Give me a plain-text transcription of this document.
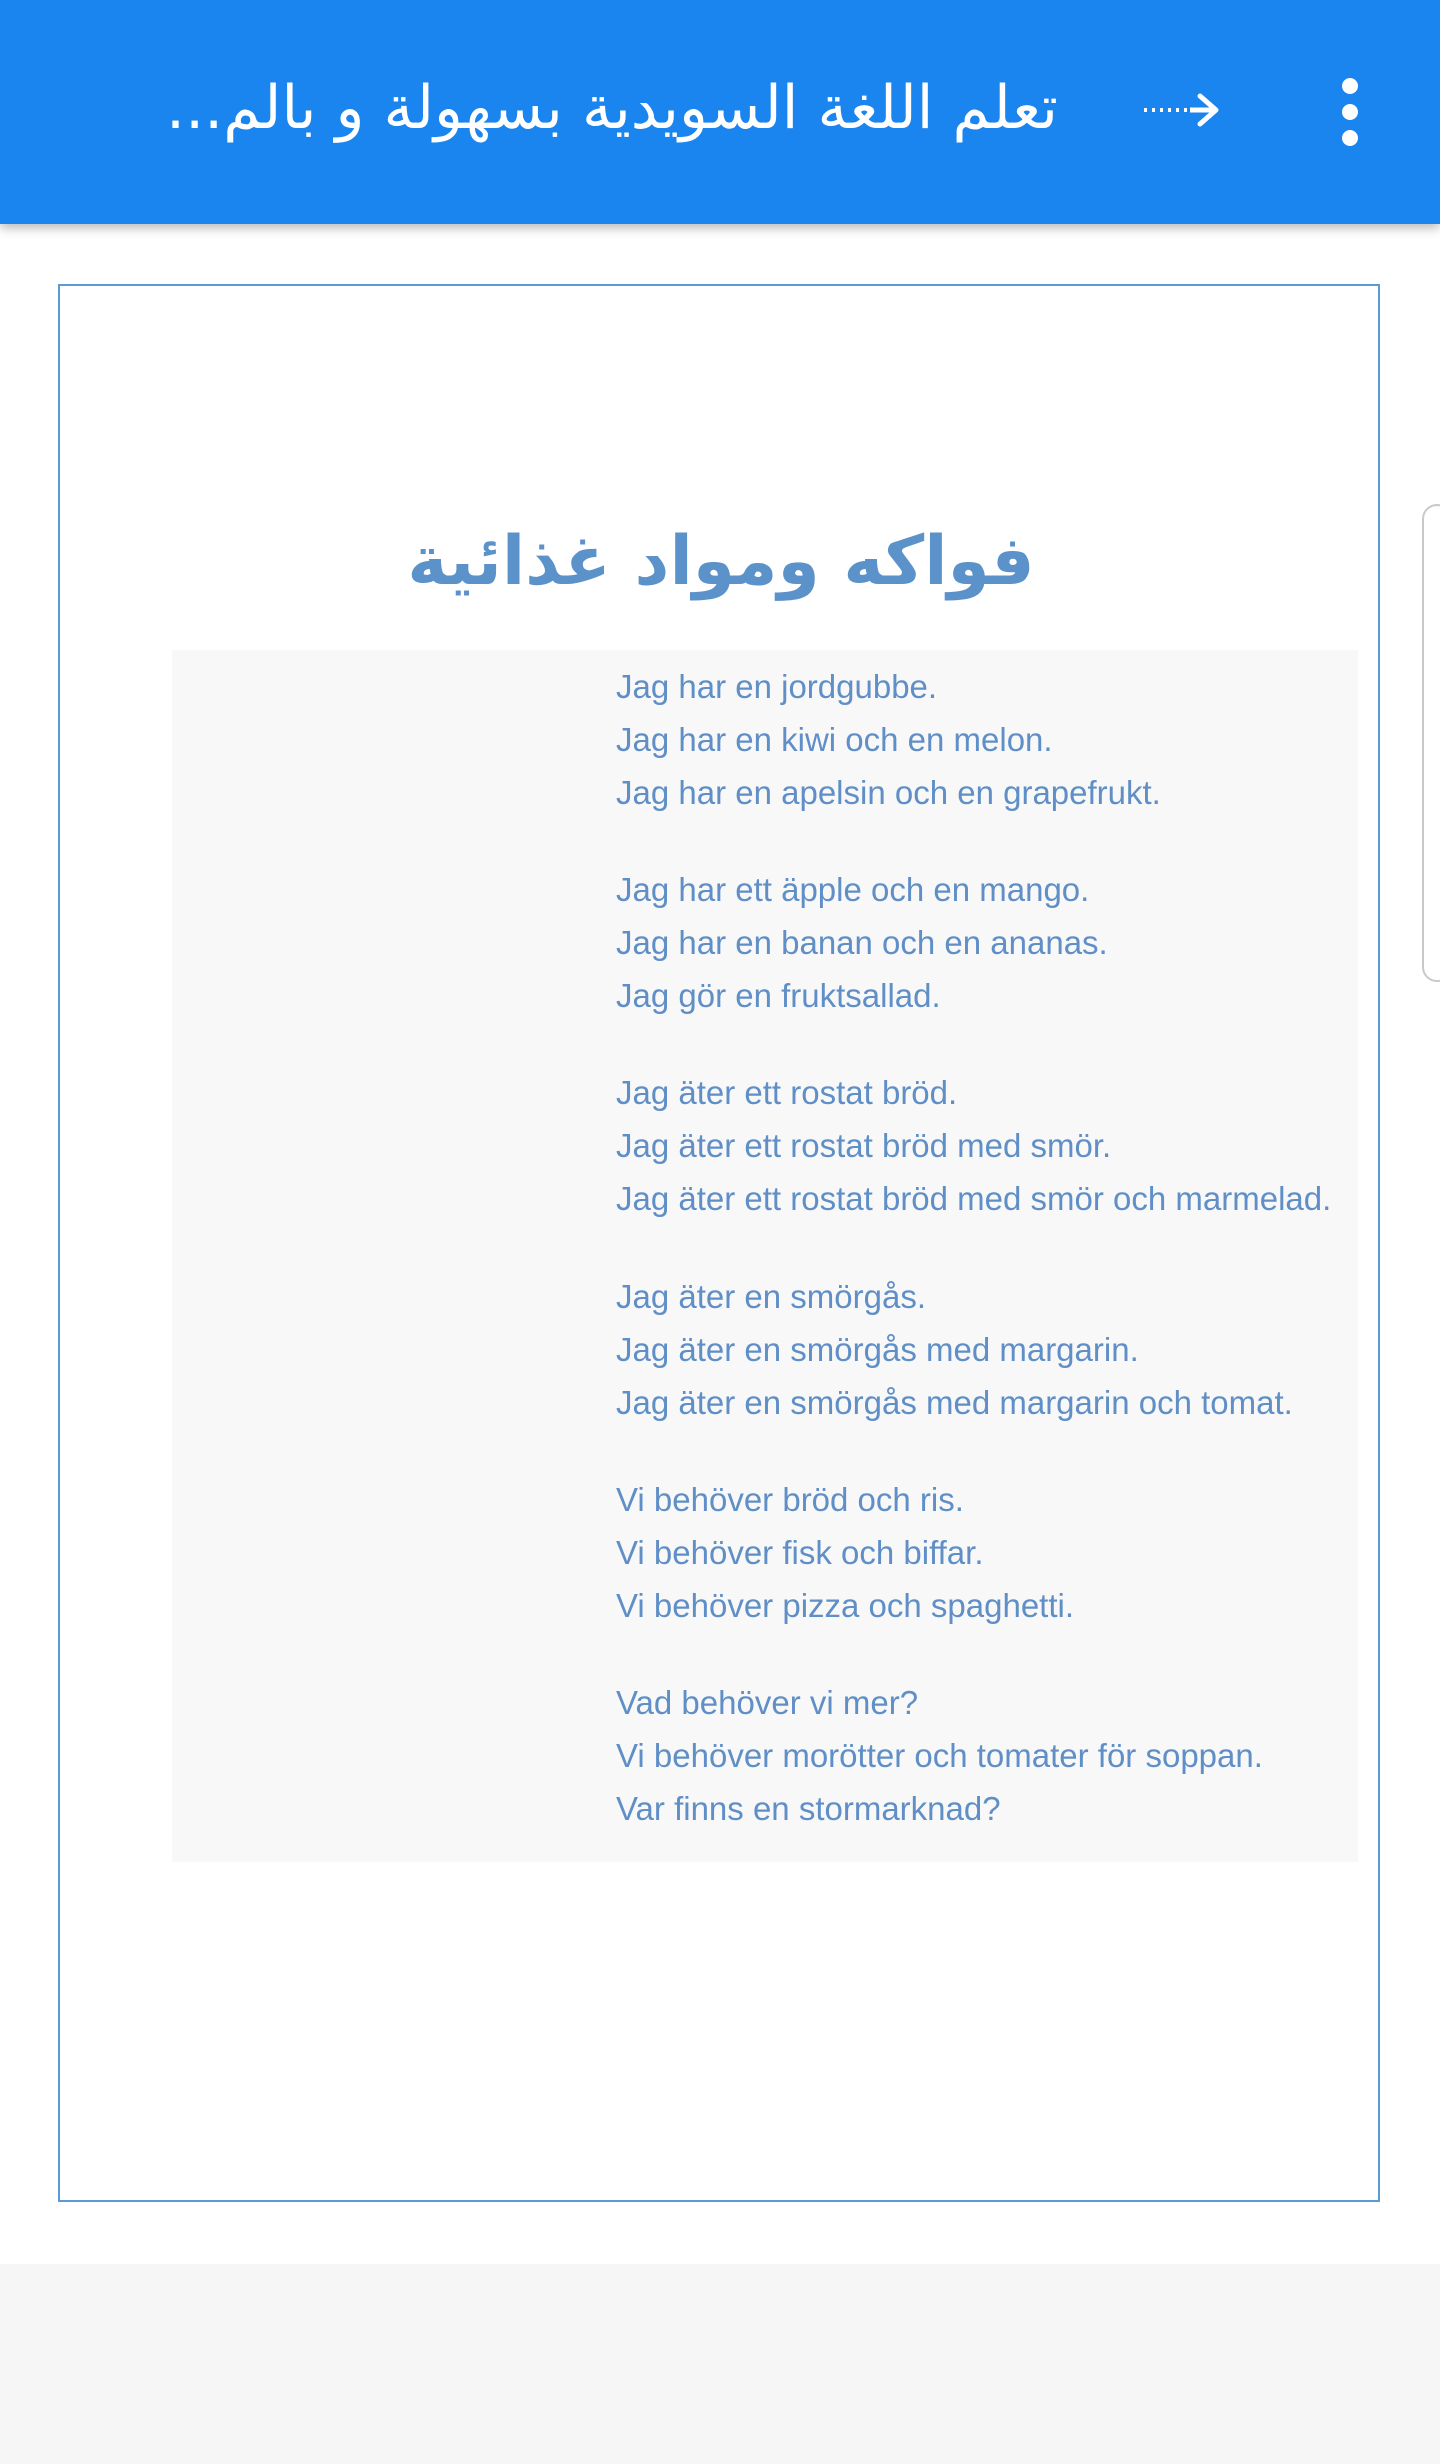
تعلم اللغة السويدية بسهولة و بالم...
فواكه ومواد غذائية
Jag har en jordgubbe.
Jag har en kiwi och en melon.
Jag har en apelsin och en grapefrukt.
Jag har ett äpple och en mango.
Jag har en banan och en ananas.
Jag gör en fruktsallad.
Jag äter ett rostat bröd.
Jag äter ett rostat bröd med smör.
Jag äter ett rostat bröd med smör och marmelad.
Jag äter en smörgås.
Jag äter en smörgås med margarin.
Jag äter en smörgås med margarin och tomat.
Vi behöver bröd och ris.
Vi behöver fisk och biffar.
Vi behöver pizza och spaghetti.
Vad behöver vi mer?
Vi behöver morötter och tomater för soppan.
Var finns en stormarknad?
